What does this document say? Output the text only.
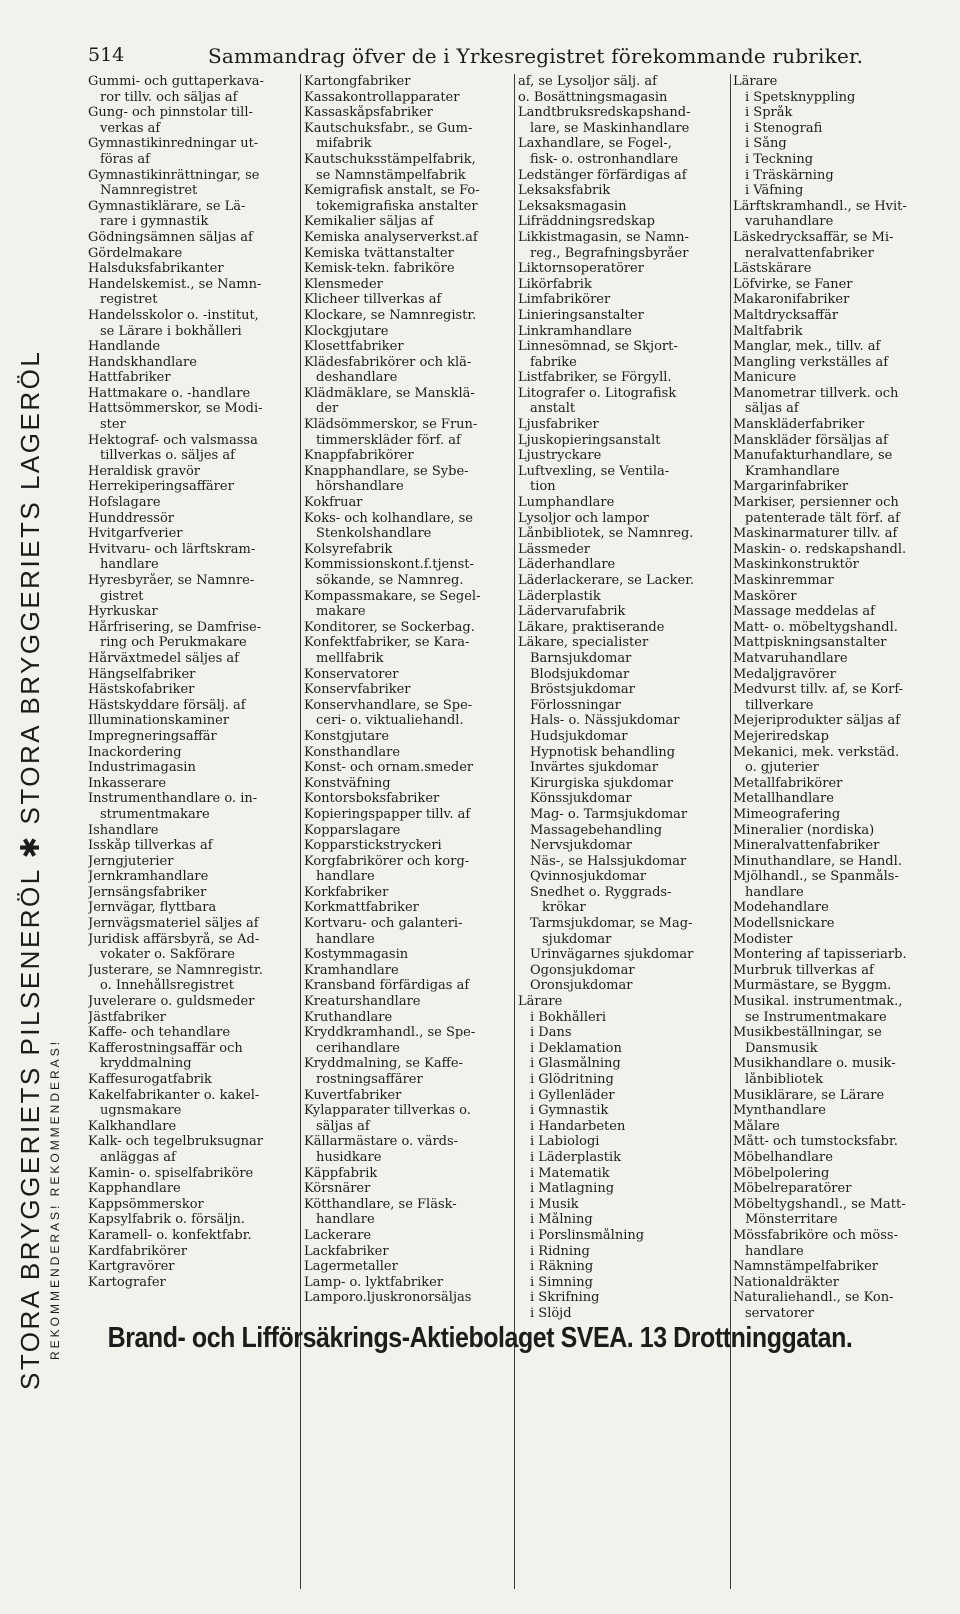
514	Sammandrag öfver de i Yrkesregistret förekommande rubriker.
STORA BRYGGERIETS PILSENERÖL ✱ STORA BRYGGERIETS LAGERÖL REKOMMENDERAS! REKOMMENDERAS!
Gummi- och guttaperkava-
ror tillv. och säljas af
Gung- och pinnstolar till-
verkas af
Gymnastikinredningar ut-
föras af
Gymnastikinrättningar, se
Namnregistret
Gymnastiklärare, se Lä-
rare i gymnastik
Gödningsämnen säljas af
Gördelmakare
Halsduksfabrikanter
Handelskemist., se Namn-
registret
Handelsskolor o. -institut,
se Lärare i bokhålleri
Handlande
Handskhandlare
Hattfabriker
Hattmakare o. -handlare
Hattsömmerskor, se Modi-
ster
Hektograf- och valsmassa
tillverkas o. säljes af
Heraldisk gravör
Herrekiperingsaffärer
Hofslagare
Hunddressör
Hvitgarfverier
Hvitvaru- och lärftskram-
handlare
Hyresbyråer, se Namnre-
gistret
Hyrkuskar
Hårfrisering, se Damfrise-
ring och Perukmakare
Hårväxtmedel säljes af
Hängselfabriker
Hästskofabriker
Hästskyddare försälj. af
Illuminationskaminer
Impregneringsaffär
Inackordering
Industrimagasin
Inkasserare
Instrumenthandlare o. in-
strumentmakare
Ishandlare
Isskåp tillverkas af
Jerngjuterier
Jernkramhandlare
Jernsängsfabriker
Jernvägar, flyttbara
Jernvägsmateriel säljes af
Juridisk affärsbyrå, se Ad-
vokater o. Sakförare
Justerare, se Namnregistr.
o. Innehållsregistret
Juvelerare o. guldsmeder
Jästfabriker
Kaffe- och tehandlare
Kafferostningsaffär och
kryddmalning
Kaffesurogatfabrik
Kakelfabrikanter o. kakel-
ugnsmakare
Kalkhandlare
Kalk- och tegelbruksugnar
anläggas af
Kamin- o. spiselfabriköre
Kapphandlare
Kappsömmerskor
Kapsylfabrik o. försäljn.
Karamell- o. konfektfabr.
Kardfabrikörer
Kartgravörer
Kartografer
Kartongfabriker
Kassakontrollapparater
Kassaskåpsfabriker
Kautschuksfabr., se Gum-
mifabrik
Kautschuksstämpelfabrik,
se Namnstämpelfabrik
Kemigrafisk anstalt, se Fo-
tokemigrafiska anstalter
Kemikalier säljas af
Kemiska analyserverkst.af
Kemiska tvättanstalter
Kemisk-tekn. fabriköre
Klensmeder
Klicheer tillverkas af
Klockare, se Namnregistr.
Klockgjutare
Klosettfabriker
Klädesfabrikörer och klä-
deshandlare
Klädmäklare, se Mansklä-
der
Klädsömmerskor, se Frun-
timmerskläder förf. af
Knappfabrikörer
Knapphandlare, se Sybe-
hörshandlare
Kokfruar
Koks- och kolhandlare, se
Stenkolshandlare
Kolsyrefabrik
Kommissionskont.f.tjenst-
sökande, se Namnreg.
Kompassmakare, se Segel-
makare
Konditorer, se Sockerbag.
Konfektfabriker, se Kara-
mellfabrik
Konservatorer
Konservfabriker
Konservhandlare, se Spe-
ceri- o. viktualiehandl.
Konstgjutare
Konsthandlare
Konst- och ornam.smeder
Konstväfning
Kontorsboksfabriker
Kopieringspapper tillv. af
Kopparslagare
Kopparstickstryckeri
Korgfabrikörer och korg-
handlare
Korkfabriker
Korkmattfabriker
Kortvaru- och galanteri-
handlare
Kostymmagasin
Kramhandlare
Kransband förfärdigas af
Kreaturshandlare
Kruthandlare
Kryddkramhandl., se Spe-
cerihandlare
Kryddmalning, se Kaffe-
rostningsaffärer
Kuvertfabriker
Kylapparater tillverkas o.
säljas af
Källarmästare o. värds-
husidkare
Käppfabrik
Körsnärer
Kötthandlare, se Fläsk-
handlare
Lackerare
Lackfabriker
Lagermetaller
Lamp- o. lyktfabriker
Lamporo.ljuskronorsäljas
af, se Lysoljor sälj. af
o. Bosättningsmagasin
Landtbruksredskapshand-
lare, se Maskinhandlare
Laxhandlare, se Fogel-,
fisk- o. ostronhandlare
Ledstänger förfärdigas af
Leksaksfabrik
Leksaksmagasin
Lifräddningsredskap
Likkistmagasin, se Namn-
reg., Begrafningsbyråer
Liktornsoperatörer
Likörfabrik
Limfabrikörer
Linieringsanstalter
Linkramhandlare
Linnesömnad, se Skjort-
fabrike
Listfabriker, se Förgyll.
Litografer o. Litografisk
anstalt
Ljusfabriker
Ljuskopieringsanstalt
Ljustryckare
Luftvexling, se Ventila-
tion
Lumphandlare
Lysoljor och lampor
Lånbibliotek, se Namnreg.
Lässmeder
Läderhandlare
Läderlackerare, se Lacker.
Läderplastik
Lädervarufabrik
Läkare, praktiserande
Läkare, specialister
Barnsjukdomar
Blodsjukdomar
Bröstsjukdomar
Förlossningar
Hals- o. Nässjukdomar
Hudsjukdomar
Hypnotisk behandling
Invärtes sjukdomar
Kirurgiska sjukdomar
Könssjukdomar
Mag- o. Tarmsjukdomar
Massagebehandling
Nervsjukdomar
Näs-, se Halssjukdomar
Qvinnosjukdomar
Snedhet o. Ryggrads-
krökar
Tarmsjukdomar, se Mag-
sjukdomar
Urinvägarnes sjukdomar
Ögonsjukdomar
Öronsjukdomar
Lärare
i Bokhålleri
i Dans
i Deklamation
i Glasmålning
i Glödritning
i Gyllenläder
i Gymnastik
i Handarbeten
i Labiologi
i Läderplastik
i Matematik
i Matlagning
i Musik
i Målning
i Porslinsmålning
i Ridning
i Räkning
i Simning
i Skrifning
i Slöjd
Lärare
i Spetsknyppling
i Språk
i Stenografi
i Sång
i Teckning
i Träskärning
i Väfning
Lärftskramhandl., se Hvit-
varuhandlare
Läskedrycksaffär, se Mi-
neralvattenfabriker
Lästskärare
Löfvirke, se Faner
Makaronifabriker
Maltdrycksaffär
Maltfabrik
Manglar, mek., tillv. af
Mangling verkställes af
Manicure
Manometrar tillverk. och
säljas af
Manskläderfabriker
Manskläder försäljas af
Manufakturhandlare, se
Kramhandlare
Margarinfabriker
Markiser, persienner och
patenterade tält förf. af
Maskinarmaturer tillv. af
Maskin- o. redskapshandl.
Maskinkonstruktör
Maskinremmar
Maskörer
Massage meddelas af
Matt- o. möbeltygshandl.
Mattpiskningsanstalter
Matvaruhandlare
Medaljgravörer
Medvurst tillv. af, se Korf-
tillverkare
Mejeriprodukter säljas af
Mejeriredskap
Mekanici, mek. verkstäd.
o. gjuterier
Metallfabrikörer
Metallhandlare
Mimeografering
Mineralier (nordiska)
Mineralvattenfabriker
Minuthandlare, se Handl.
Mjölhandl., se Spanmåls-
handlare
Modehandlare
Modellsnickare
Modister
Montering af tapisseriarb.
Murbruk tillverkas af
Murmästare, se Byggm.
Musikal. instrumentmak.,
se Instrumentmakare
Musikbeställningar, se
Dansmusik
Musikhandlare o. musik-
lånbibliotek
Musiklärare, se Lärare
Mynthandlare
Målare
Mått- och tumstocksfabr.
Möbelhandlare
Möbelpolering
Möbelreparatörer
Möbeltygshandl., se Matt-
Mönsterritare
Mössfabriköre och möss-
handlare
Namnstämpelfabriker
Nationaldräkter
Naturaliehandl., se Kon-
servatorer
Brand- och Lifförsäkrings-Aktiebolaget SVEA. 13 Drottninggatan.
